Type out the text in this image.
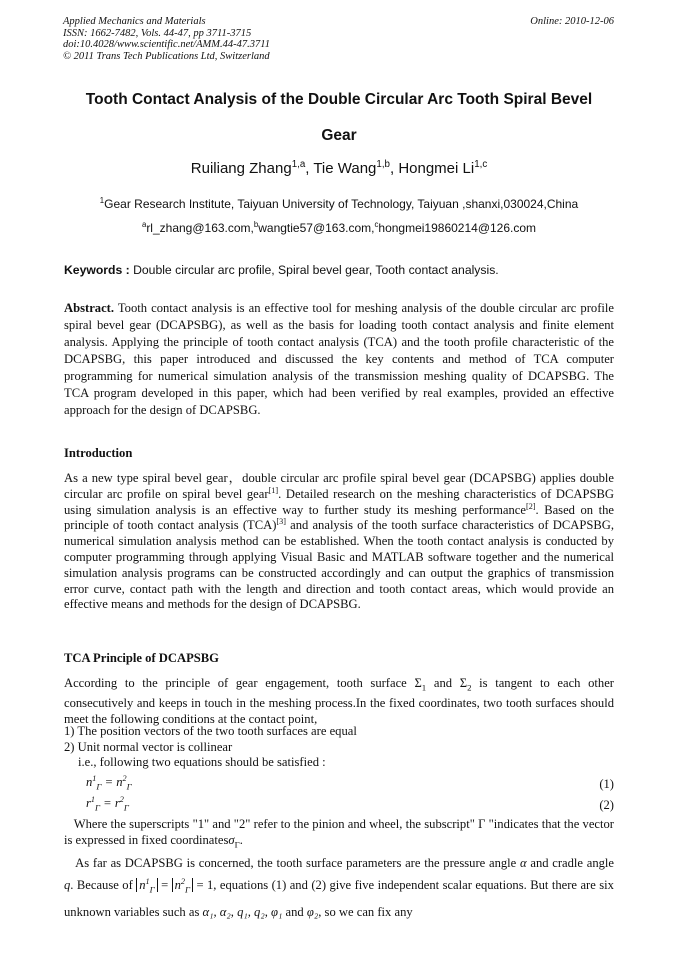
Applied Mechanics and Materials
ISSN: 1662-7482, Vols. 44-47, pp 3711-3715
doi:10.4028/www.scientific.net/AMM.44-47.3711
© 2011 Trans Tech Publications Ltd, Switzerland
Online: 2010-12-06
Tooth Contact Analysis of the Double Circular Arc Tooth Spiral Bevel
Gear
Ruiliang Zhang$^{1,a}$, Tie Wang$^{1,b}$, Hongmei Li$^{1,c}$
$^1$Gear Research Institute, Taiyuan University of Technology, Taiyuan ,shanxi,030024,China
$^a$rl_zhang@163.com,$^b$wangtie57@163.com,$^c$hongmei19860214@126.com
Keywords : Double circular arc profile, Spiral bevel gear, Tooth contact analysis.
Abstract. Tooth contact analysis is an effective tool for meshing analysis of the double circular arc profile spiral bevel gear (DCAPSBG), as well as the basis for loading tooth contact analysis and finite element analysis. Applying the principle of tooth contact analysis (TCA) and the tooth profile characteristic of the DCAPSBG, this paper introduced and discussed the key contents and method of TCA computer programming for numerical simulation analysis of the transmission meshing quality of DCAPSBG. The TCA program developed in this paper, which had been verified by real examples, provided an effective approach for the design of DCAPSBG.
Introduction
As a new type spiral bevel gear，double circular arc profile spiral bevel gear (DCAPSBG) applies double circular arc profile on spiral bevel gear[1]. Detailed research on the meshing characteristics of DCAPSBG using simulation analysis is an effective way to further study its meshing performance[2]. Based on the principle of tooth contact analysis (TCA)[3] and analysis of the tooth surface characteristics of DCAPSBG, numerical simulation analysis method can be established. When the tooth contact analysis is conducted by computer programming through applying Visual Basic and MATLAB software together and the numerical simulation analysis programs can be constructed accordingly and can output the graphics of transmission error curve, contact path with the length and direction and tooth contact areas, which would provide an effective means and methods for the design of DCAPSBG.
TCA Principle of DCAPSBG
According to the principle of gear engagement, tooth surface $\Sigma_1$ and $\Sigma_2$ is tangent to each other consecutively and keeps in touch in the meshing process.In the fixed coordinates, two tooth surfaces should meet the following conditions at the contact point,
1) The position vectors of the two tooth surfaces are equal
2) Unit normal vector is collinear
i.e., following two equations should be satisfied :
$n^1_\Gamma = n^2_\Gamma$	(1)
$r^1_\Gamma = r^2_\Gamma$	(2)
Where the superscripts "1" and "2" refer to the pinion and wheel, the subscript" Γ "indicates that the vector is expressed in fixed coordinatesσ$_\Gamma$.
As far as DCAPSBG is concerned, the tooth surface parameters are the pressure angle α and cradle angle q. Because of $n^1_\Gamma = n^2_\Gamma = 1$, equations (1) and (2) give five independent scalar equations. But there are six unknown variables such as α₁, α₂, q₁, q₂, φ₁ and φ₂, so we can fix any
